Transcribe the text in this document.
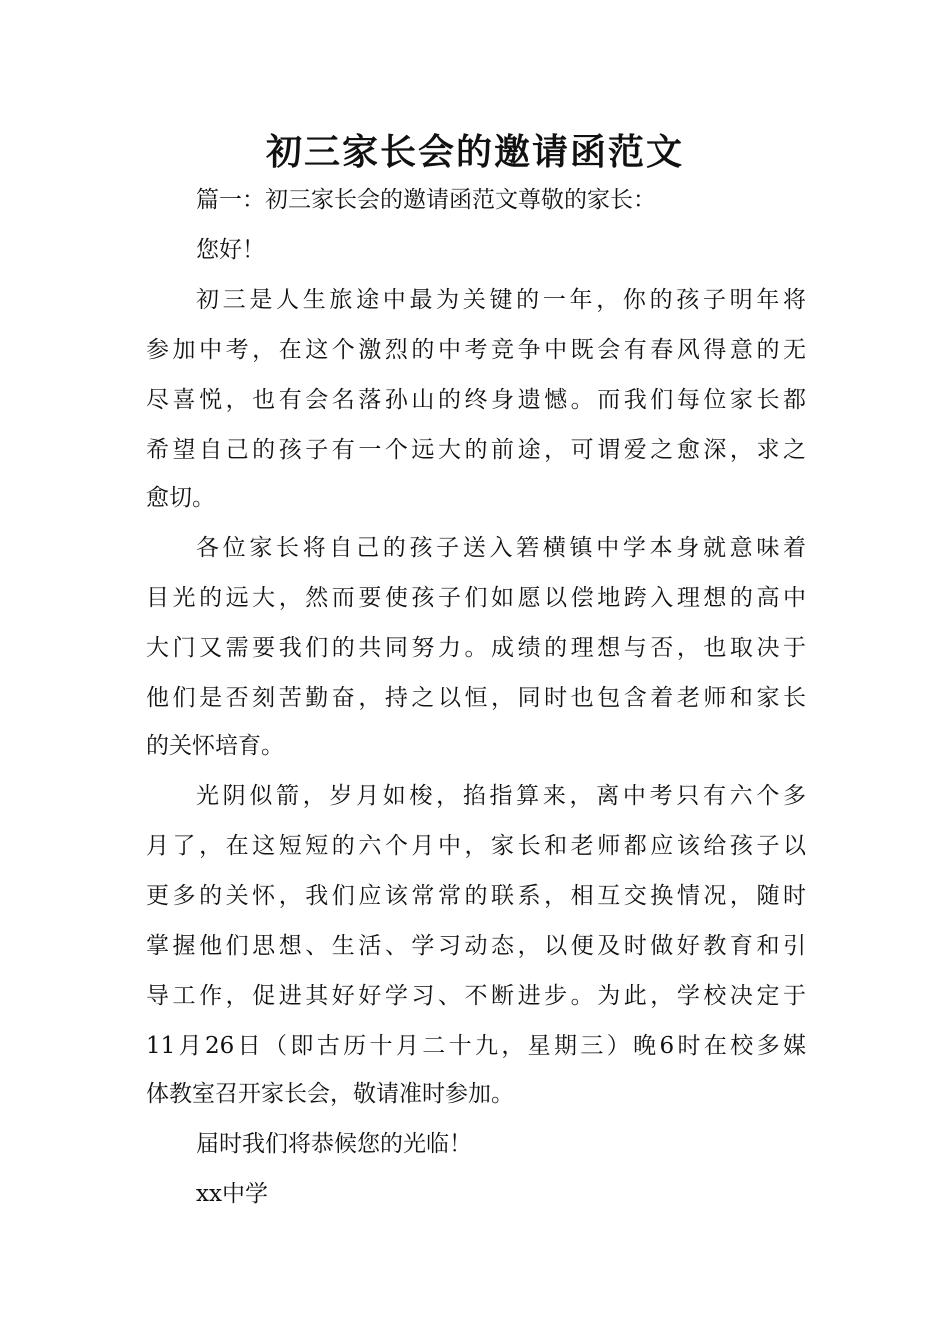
初三家长会的邀请函范文
篇一：初三家长会的邀请函范文尊敬的家长：
您好！
初三是人生旅途中最为关键的一年，你的孩子明年将
参加中考，在这个激烈的中考竞争中既会有春风得意的无
尽喜悦，也有会名落孙山的终身遗憾。而我们每位家长都
希望自己的孩子有一个远大的前途，可谓爱之愈深，求之
愈切。
各位家长将自己的孩子送入箬横镇中学本身就意味着
目光的远大，然而要使孩子们如愿以偿地跨入理想的高中
大门又需要我们的共同努力。成绩的理想与否，也取决于
他们是否刻苦勤奋，持之以恒，同时也包含着老师和家长
的关怀培育。
光阴似箭，岁月如梭，掐指算来，离中考只有六个多
月了，在这短短的六个月中，家长和老师都应该给孩子以
更多的关怀，我们应该常常的联系，相互交换情况，随时
掌握他们思想、生活、学习动态，以便及时做好教育和引
导工作，促进其好好学习、不断进步。为此，学校决定于
11月26日（即古历十月二十九，星期三）晚6时在校多媒
体教室召开家长会，敬请准时参加。
届时我们将恭候您的光临！
xx中学
